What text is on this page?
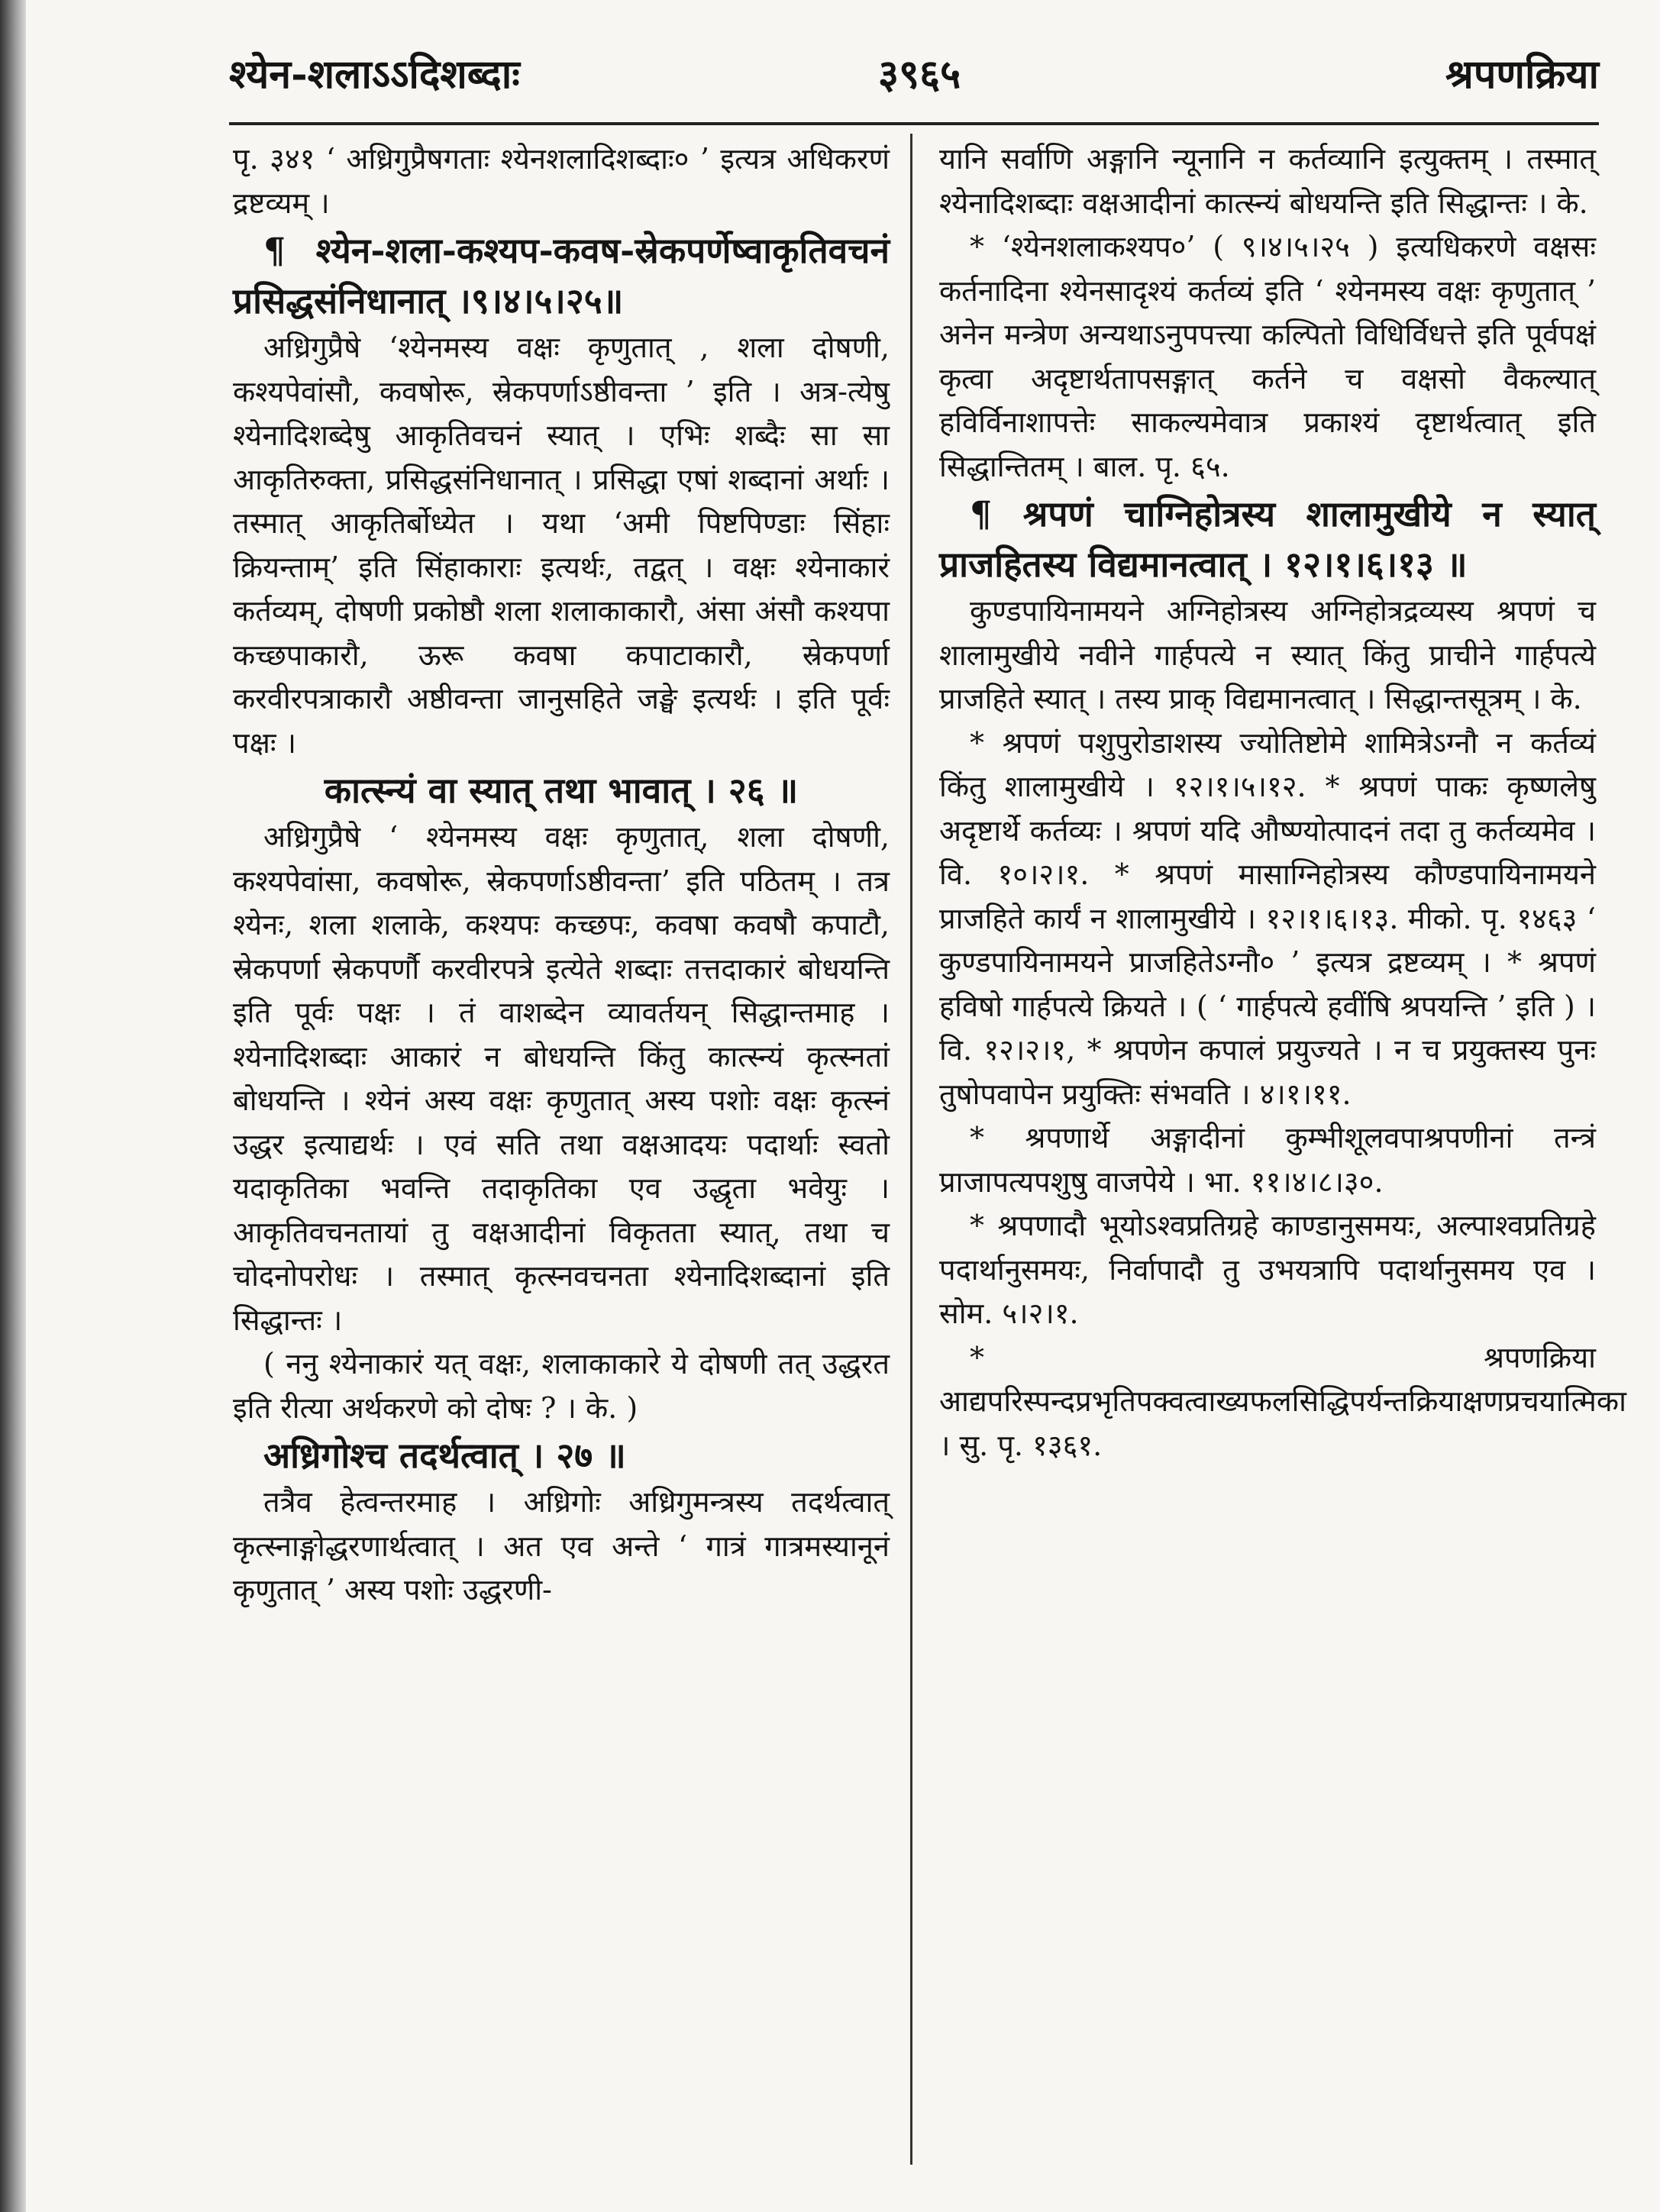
श्येन-शलाऽऽदिशब्दाः	३९६५	श्रपणक्रिया

पृ. ३४१ ‘ अध्रिगुप्रैषगताः श्येनशलादिशब्दाः० ’ इत्यत्र अधिकरणं द्रष्टव्यम् ।

¶ श्येन-शला-कश्यप-कवष-स्रेकपर्णेष्वाकृतिवचनं प्रसिद्धसंनिधानात् ।९।४।५।२५॥

अध्रिगुप्रैषे ‘श्येनमस्य वक्षः कृणुतात् , शला दोषणी, कश्यपेवांसौ, कवषोरू, स्रेकपर्णाऽष्ठीवन्ता ’ इति । अत्र-त्येषु श्येनादिशब्देषु आकृतिवचनं स्यात् । एभिः शब्दैः सा सा आकृतिरुक्ता, प्रसिद्धसंनिधानात् । प्रसिद्धा एषां शब्दानां अर्थाः । तस्मात् आकृतिर्बोध्येत । यथा ‘अमी पिष्टपिण्डाः सिंहाः क्रियन्ताम्’ इति सिंहाकाराः इत्यर्थः, तद्वत् । वक्षः श्येनाकारं कर्तव्यम्, दोषणी प्रकोष्ठौ शला शलाकाकारौ, अंसा अंसौ कश्यपा कच्छपाकारौ, ऊरू कवषा कपाटाकारौ, स्रेकपर्णा करवीरपत्राकारौ अष्ठीवन्ता जानुसहिते जङ्घे इत्यर्थः । इति पूर्वः पक्षः ।

कात्स्न्यं वा स्यात् तथा भावात् । २६ ॥

अध्रिगुप्रैषे ‘ श्येनमस्य वक्षः कृणुतात्, शला दोषणी, कश्यपेवांसा, कवषोरू, स्रेकपर्णाऽष्ठीवन्ता’ इति पठितम् । तत्र श्येनः, शला शलाके, कश्यपः कच्छपः, कवषा कवषौ कपाटौ, स्रेकपर्णा स्रेकपर्णौ करवीरपत्रे इत्येते शब्दाः तत्तदाकारं बोधयन्ति इति पूर्वः पक्षः । तं वाशब्देन व्यावर्तयन् सिद्धान्तमाह । श्येनादिशब्दाः आकारं न बोधयन्ति किंतु कात्स्न्यं कृत्स्नतां बोधयन्ति । श्येनं अस्य वक्षः कृणुतात् अस्य पशोः वक्षः कृत्स्नं उद्धर इत्याद्यर्थः । एवं सति तथा वक्षआदयः पदार्थाः स्वतो यदाकृतिका भवन्ति तदाकृतिका एव उद्धृता भवेयुः । आकृतिवचनतायां तु वक्षआदीनां विकृतता स्यात्, तथा च चोदनोपरोधः । तस्मात् कृत्स्नवचनता श्येनादिशब्दानां इति सिद्धान्तः ।

( ननु श्येनाकारं यत् वक्षः, शलाकाकारे ये दोषणी तत् उद्धरत इति रीत्या अर्थकरणे को दोषः ? । के. )

अध्रिगोश्च तदर्थत्वात् । २७ ॥

तत्रैव हेत्वन्तरमाह । अध्रिगोः अध्रिगुमन्त्रस्य तदर्थत्वात् कृत्स्नाङ्गोद्धरणार्थत्वात् । अत एव अन्ते ‘ गात्रं गात्रमस्यानूनं कृणुतात् ’ अस्य पशोः उद्धरणी-

यानि सर्वाणि अङ्गानि न्यूनानि न कर्तव्यानि इत्युक्तम् । तस्मात् श्येनादिशब्दाः वक्षआदीनां कात्स्न्यं बोधयन्ति इति सिद्धान्तः । के.

* ‘श्येनशलाकश्यप०’ ( ९।४।५।२५ ) इत्यधिकरणे वक्षसः कर्तनादिना श्येनसादृश्यं कर्तव्यं इति ‘ श्येनमस्य वक्षः कृणुतात् ’ अनेन मन्त्रेण अन्यथाऽनुपपत्त्या कल्पितो विधिर्विधत्ते इति पूर्वपक्षं कृत्वा अदृष्टार्थतापसङ्गात् कर्तने च वक्षसो वैकल्यात् हविर्विनाशापत्तेः साकल्यमेवात्र प्रकाश्यं दृष्टार्थत्वात् इति सिद्धान्तितम् । बाल. पृ. ६५.

¶ श्रपणं चाग्निहोत्रस्य शालामुखीये न स्यात् प्राजहितस्य विद्यमानत्वात् । १२।१।६।१३ ॥

कुण्डपायिनामयने अग्निहोत्रस्य अग्निहोत्रद्रव्यस्य श्रपणं च शालामुखीये नवीने गार्हपत्ये न स्यात् किंतु प्राचीने गार्हपत्ये प्राजहिते स्यात् । तस्य प्राक् विद्यमानत्वात् । सिद्धान्तसूत्रम् । के.

* श्रपणं पशुपुरोडाशस्य ज्योतिष्टोमे शामित्रेऽग्नौ न कर्तव्यं किंतु शालामुखीये । १२।१।५।१२. * श्रपणं पाकः कृष्णलेषु अदृष्टार्थे कर्तव्यः । श्रपणं यदि औष्ण्योत्पादनं तदा तु कर्तव्यमेव । वि. १०।२।१. * श्रपणं मासाग्निहोत्रस्य कौण्डपायिनामयने प्राजहिते कार्यं न शालामुखीये । १२।१।६।१३. मीको. पृ. १४६३ ‘ कुण्डपायिनामयने प्राजहितेऽग्नौ० ’ इत्यत्र द्रष्टव्यम् । * श्रपणं हविषो गार्हपत्ये क्रियते । ( ‘ गार्हपत्ये हवींषि श्रपयन्ति ’ इति ) । वि. १२।२।१, * श्रपणेन कपालं प्रयुज्यते । न च प्रयुक्तस्य पुनः तुषोपवापेन प्रयुक्तिः संभवति । ४।१।११.

* श्रपणार्थे अङ्गादीनां कुम्भीशूलवपाश्रपणीनां तन्त्रं प्राजापत्यपशुषु वाजपेये । भा. ११।४।८।३०.

* श्रपणादौ भूयोऽश्वप्रतिग्रहे काण्डानुसमयः, अल्पाश्वप्रतिग्रहे पदार्थानुसमयः, निर्वापादौ तु उभयत्रापि पदार्थानुसमय एव । सोम. ५।२।१.

* श्रपणक्रिया आद्यपरिस्पन्दप्रभृतिपक्वत्वाख्यफलसिद्धिपर्यन्तक्रियाक्षणप्रचयात्मिका । सु. पृ. १३६१.
